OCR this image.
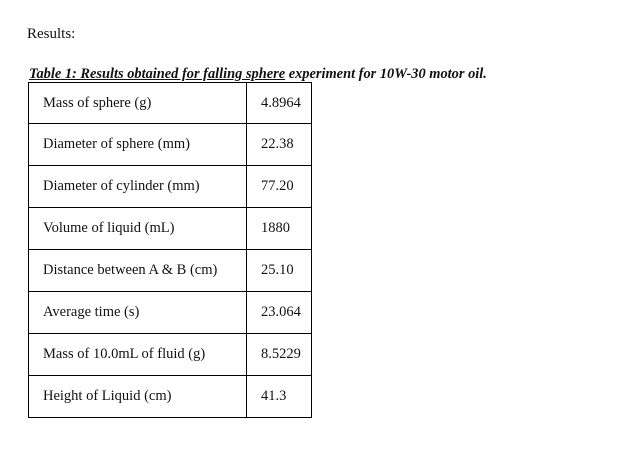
Results:
Table 1: Results obtained for falling sphere experiment for 10W-30 motor oil.
Mass of sphere (g)	4.8964
Diameter of sphere (mm)	22.38
Diameter of cylinder (mm)	77.20
Volume of liquid (mL)	1880
Distance between A & B (cm)	25.10
Average time (s)	23.064
Mass of 10.0mL of fluid (g)	8.5229
Height of Liquid (cm)	41.3
